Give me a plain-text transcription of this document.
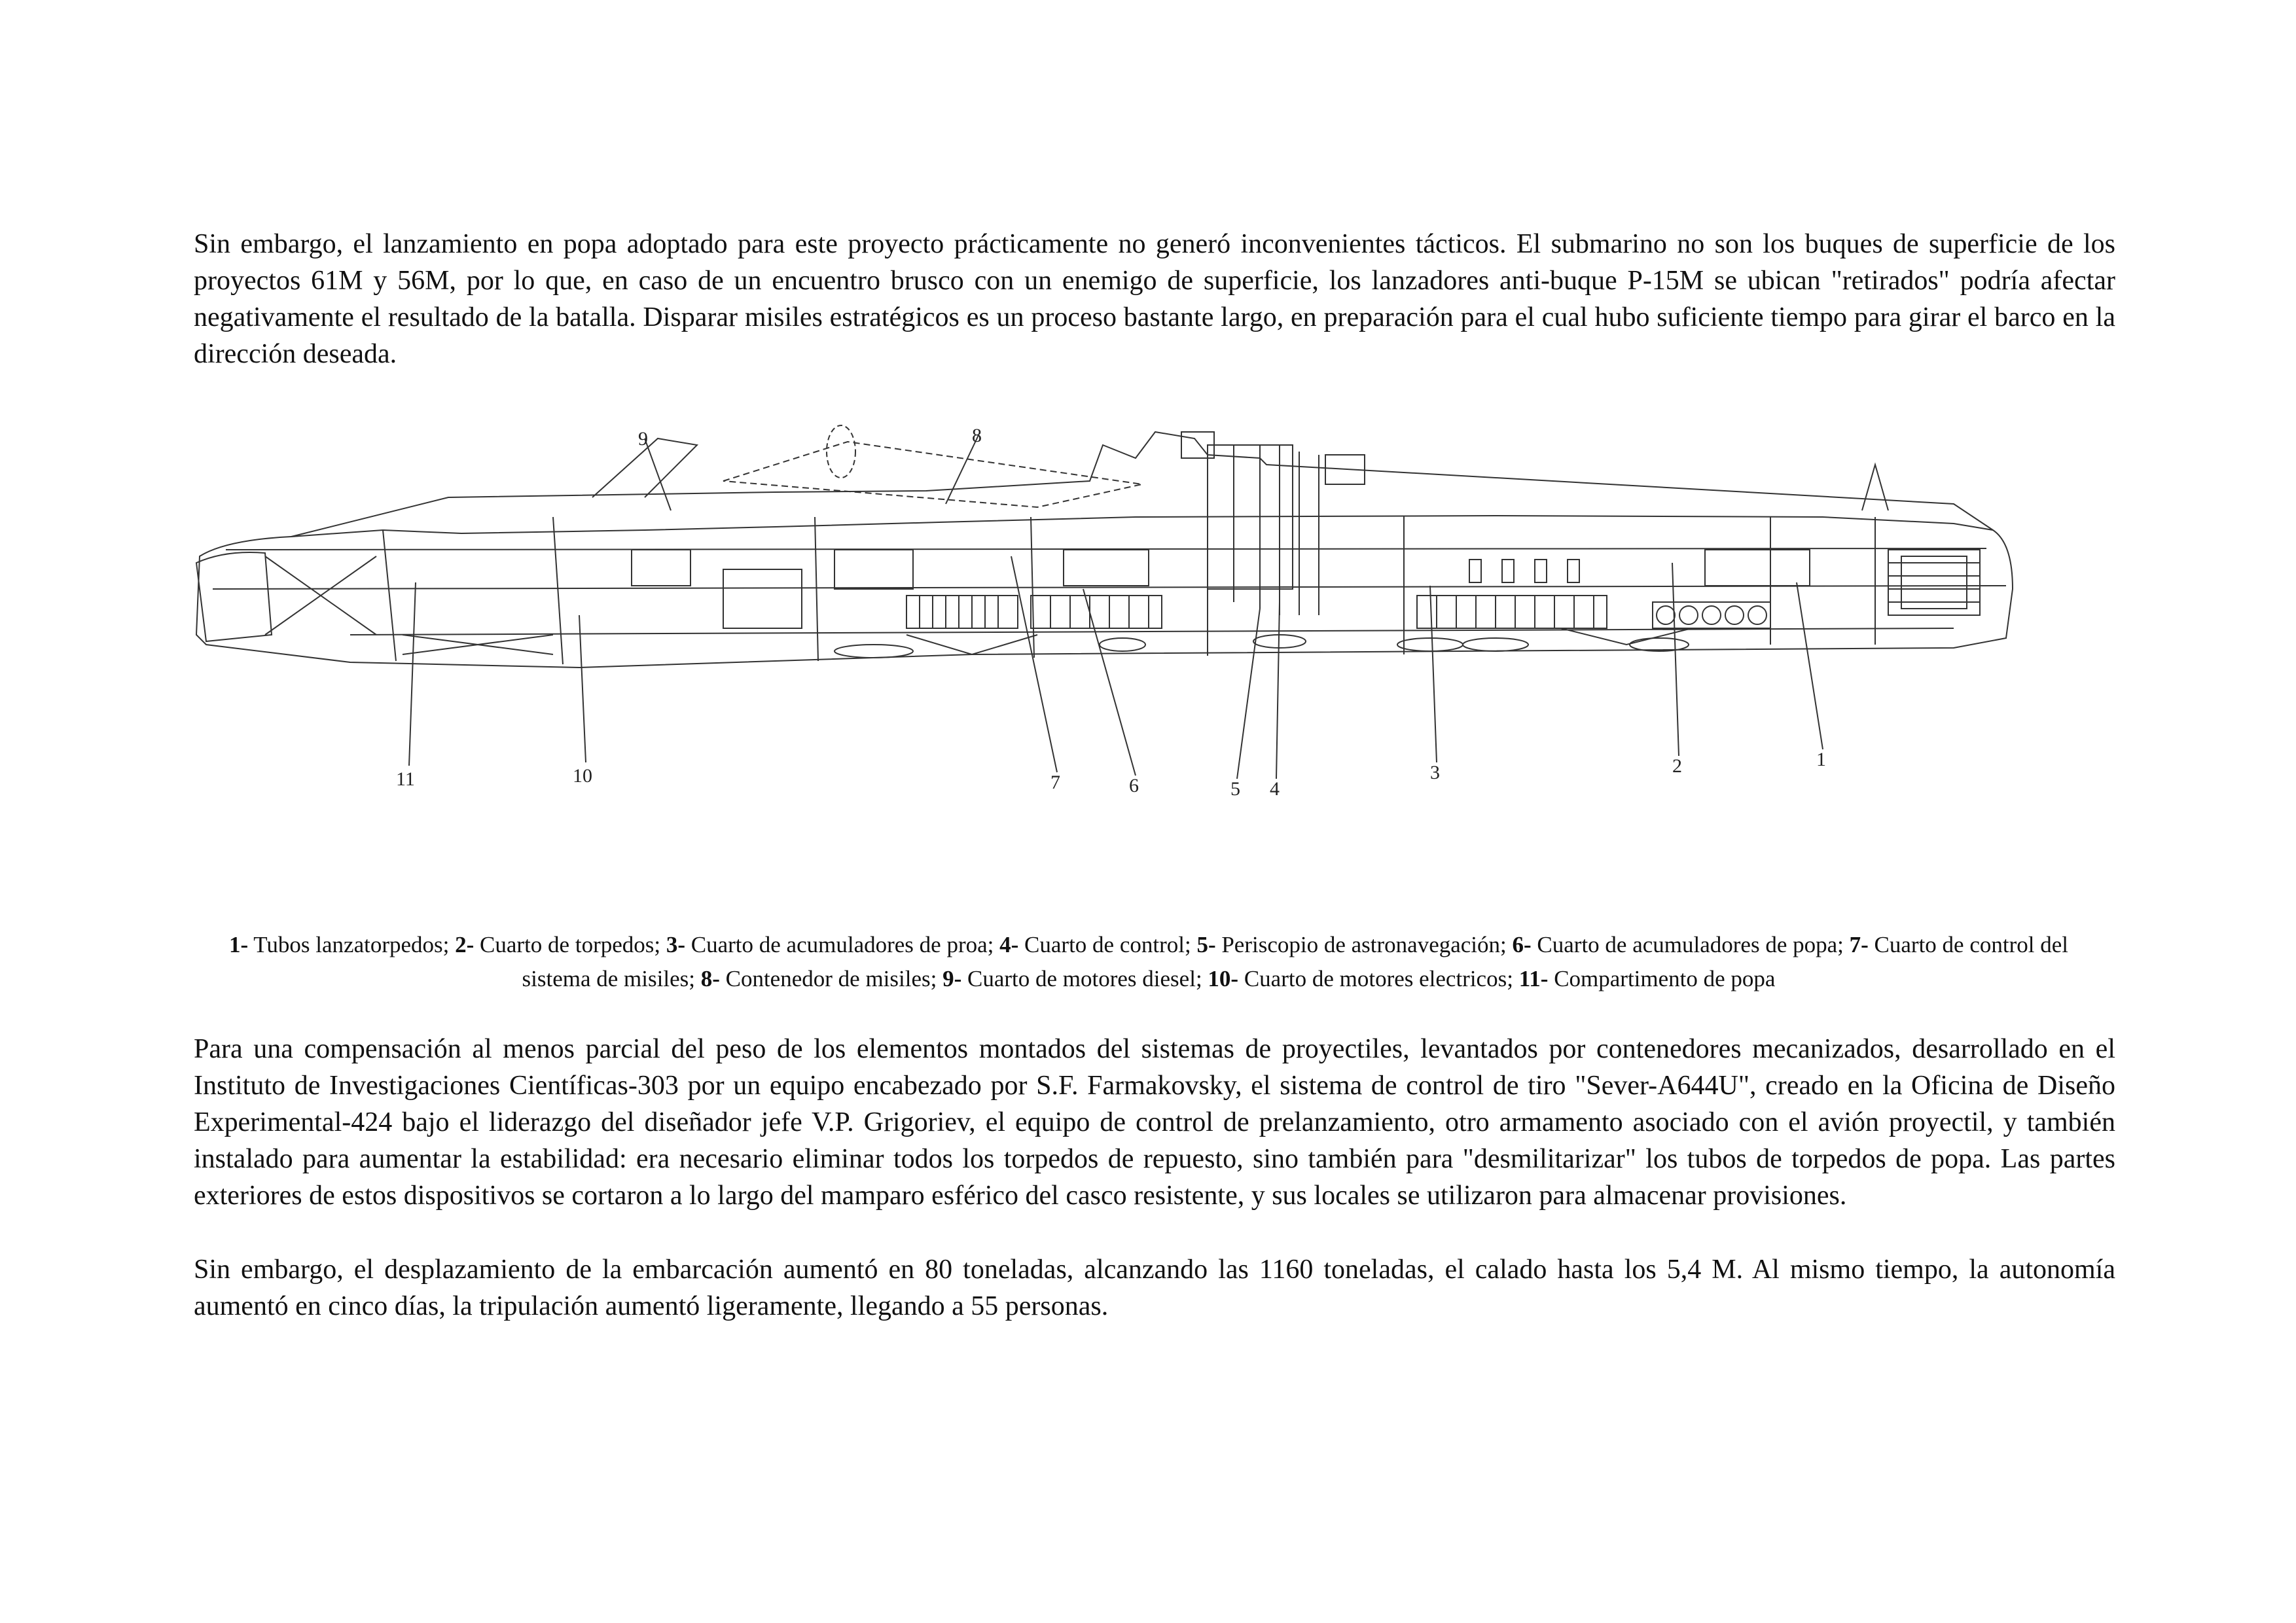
Sin embargo, el lanzamiento en popa adoptado para este proyecto prácticamente no generó inconvenientes tácticos. El submarino no son los buques de superficie de los proyectos 61M y 56M, por lo que, en caso de un encuentro brusco con un enemigo de superficie, los lanzadores anti-buque P-15M se ubican "retirados" podría afectar negativamente el resultado de la batalla. Disparar misiles estratégicos es un proceso bastante largo, en preparación para el cual hubo suficiente tiempo para girar el barco en la dirección deseada.

1
2
3
4
5
6
7
8
9
10
11

1- Tubos lanzatorpedos; 2- Cuarto de torpedos; 3- Cuarto de acumuladores de proa; 4- Cuarto de control; 5- Periscopio de astronavegación; 6- Cuarto de acumuladores de popa; 7- Cuarto de control del sistema de misiles; 8- Contenedor de misiles; 9- Cuarto de motores diesel; 10- Cuarto de motores electricos; 11- Compartimento de popa

Para una compensación al menos parcial del peso de los elementos montados del sistemas de proyectiles, levantados por contenedores mecanizados, desarrollado en el Instituto de Investigaciones Científicas-303 por un equipo encabezado por S.F. Farmakovsky, el sistema de control de tiro "Sever-A644U", creado en la Oficina de Diseño Experimental-424 bajo el liderazgo del diseñador jefe V.P. Grigoriev, el equipo de control de prelanzamiento, otro armamento asociado con el avión proyectil, y también instalado para aumentar la estabilidad: era necesario eliminar todos los torpedos de repuesto, sino también para "desmilitarizar" los tubos de torpedos de popa. Las partes exteriores de estos dispositivos se cortaron a lo largo del mamparo esférico del casco resistente, y sus locales se utilizaron para almacenar provisiones.

Sin embargo, el desplazamiento de la embarcación aumentó en 80 toneladas, alcanzando las 1160 toneladas, el calado hasta los 5,4 M. Al mismo tiempo, la autonomía aumentó en cinco días, la tripulación aumentó ligeramente, llegando a 55 personas.
